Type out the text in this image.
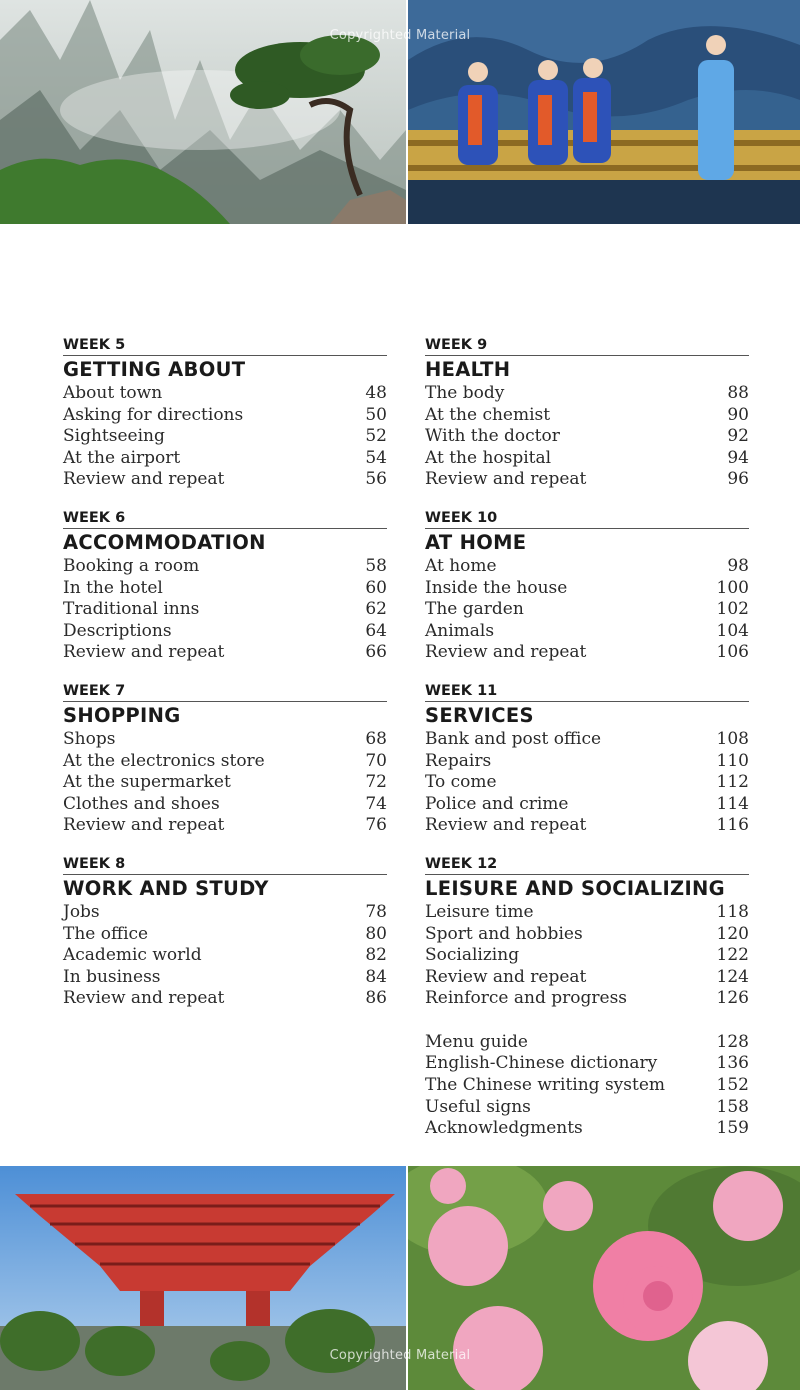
Copyrighted Material
WEEK 5
GETTING ABOUT
About town	48
Asking for directions	50
Sightseeing	52
At the airport	54
Review and repeat	56
WEEK 6
ACCOMMODATION
Booking a room	58
In the hotel	60
Traditional inns	62
Descriptions	64
Review and repeat	66
WEEK 7
SHOPPING
Shops	68
At the electronics store	70
At the supermarket	72
Clothes and shoes	74
Review and repeat	76
WEEK 8
WORK AND STUDY
Jobs	78
The office	80
Academic world	82
In business	84
Review and repeat	86
WEEK 9
HEALTH
The body	88
At the chemist	90
With the doctor	92
At the hospital	94
Review and repeat	96
WEEK 10
AT HOME
At home	98
Inside the house	100
The garden	102
Animals	104
Review and repeat	106
WEEK 11
SERVICES
Bank and post office	108
Repairs	110
To come	112
Police and crime	114
Review and repeat	116
WEEK 12
LEISURE AND SOCIALIZING
Leisure time	118
Sport and hobbies	120
Socializing	122
Review and repeat	124
Reinforce and progress	126
Menu guide	128
English-Chinese dictionary	136
The Chinese writing system	152
Useful signs	158
Acknowledgments	159
Copyrighted Material
